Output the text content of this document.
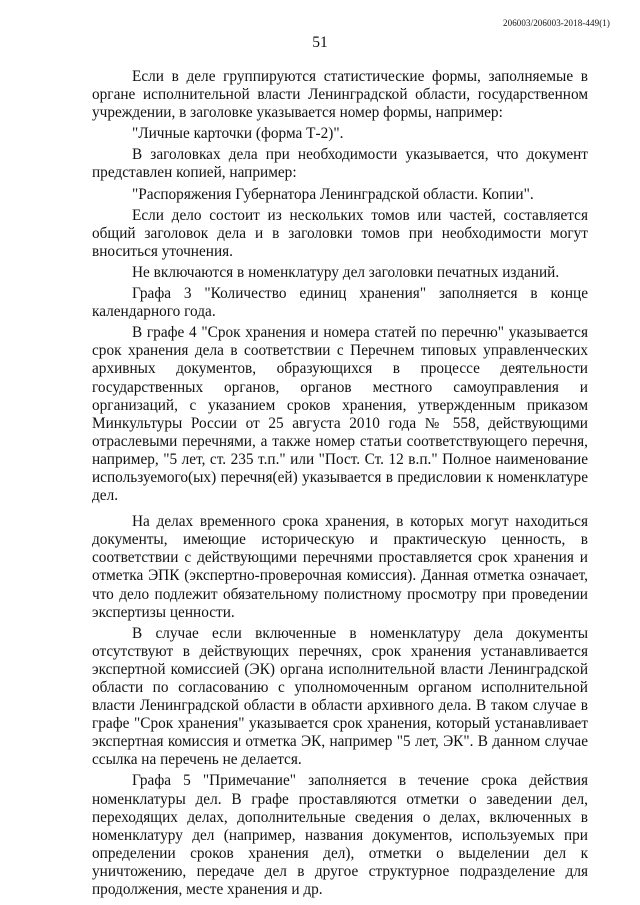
206003/206003-2018-449(1)
51

Если в деле группируются статистические формы, заполняемые в органе исполнительной власти Ленинградской области, государственном учреждении, в заголовке указывается номер формы, например:

"Личные карточки (форма Т-2)".

В заголовках дела при необходимости указывается, что документ представлен копией, например:

"Распоряжения Губернатора Ленинградской области. Копии".

Если дело состоит из нескольких томов или частей, составляется общий заголовок дела и в заголовки томов при необходимости могут вноситься уточнения.

Не включаются в номенклатуру дел заголовки печатных изданий.

Графа 3 "Количество единиц хранения" заполняется в конце календарного года.

В графе 4 "Срок хранения и номера статей по перечню" указывается срок хранения дела в соответствии с Перечнем типовых управленческих архивных документов, образующихся в процессе деятельности государственных органов, органов местного самоуправления и организаций, с указанием сроков хранения, утвержденным приказом Минкультуры России от 25 августа 2010 года № 558, действующими отраслевыми перечнями, а также номер статьи соответствующего перечня, например, "5 лет, ст. 235 т.п." или "Пост. Ст. 12 в.п." Полное наименование используемого(ых) перечня(ей) указывается в предисловии к номенклатуре дел.

На делах временного срока хранения, в которых могут находиться документы, имеющие историческую и практическую ценность, в соответствии с действующими перечнями проставляется срок хранения и отметка ЭПК (экспертно-проверочная комиссия). Данная отметка означает, что дело подлежит обязательному полистному просмотру при проведении экспертизы ценности.

В случае если включенные в номенклатуру дела документы отсутствуют в действующих перечнях, срок хранения устанавливается экспертной комиссией (ЭК) органа исполнительной власти Ленинградской области по согласованию с уполномоченным органом исполнительной власти Ленинградской области в области архивного дела. В таком случае в графе "Срок хранения" указывается срок хранения, который устанавливает экспертная комиссия и отметка ЭК, например "5 лет, ЭК". В данном случае ссылка на перечень не делается.

Графа 5 "Примечание" заполняется в течение срока действия номенклатуры дел. В графе проставляются отметки о заведении дел, переходящих делах, дополнительные сведения о делах, включенных в номенклатуру дел (например, названия документов, используемых при определении сроков хранения дел), отметки о выделении дел к уничтожению, передаче дел в другое структурное подразделение для продолжения, месте хранения и др.
